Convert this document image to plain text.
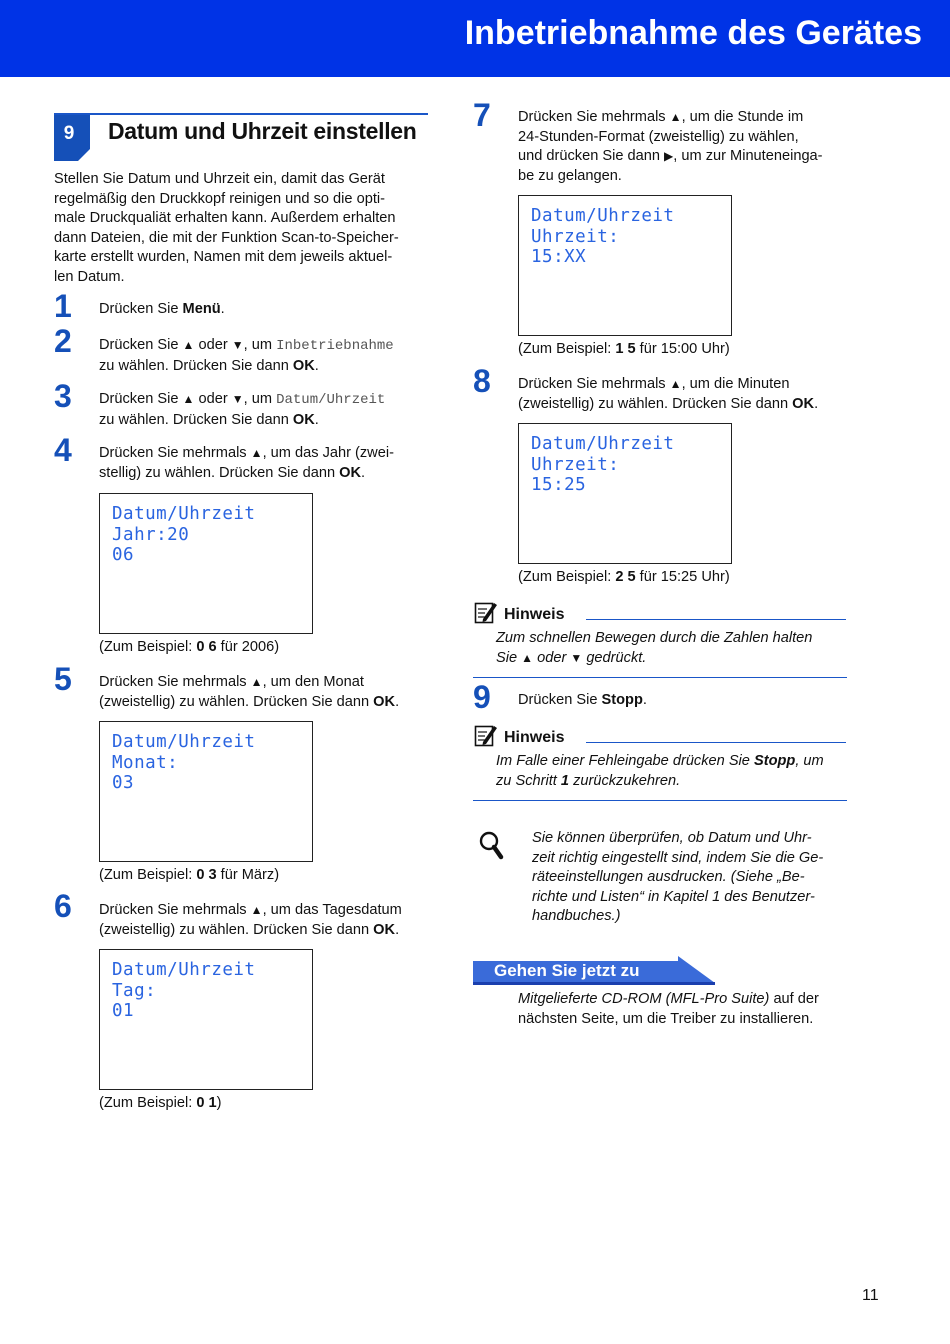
Inbetriebnahme des Gerätes
9	Datum und Uhrzeit einstellen
Stellen Sie Datum und Uhrzeit ein, damit das Gerät
regelmäßig den Druckkopf reinigen und so die opti-
male Druckqualiät erhalten kann. Außerdem erhalten
dann Dateien, die mit der Funktion Scan-to-Speicher-
karte erstellt wurden, Namen mit dem jeweils aktuel-
len Datum.
1 Drücken Sie Menü.
2 Drücken Sie ▲ oder ▼, um Inbetriebnahme
zu wählen. Drücken Sie dann OK.
3 Drücken Sie ▲ oder ▼, um Datum/Uhrzeit
zu wählen. Drücken Sie dann OK.
4 Drücken Sie mehrmals ▲, um das Jahr (zwei-
stellig) zu wählen. Drücken Sie dann OK.
Datum/Uhrzeit
Jahr:20
06
(Zum Beispiel: 0 6 für 2006)
5 Drücken Sie mehrmals ▲, um den Monat
(zweistellig) zu wählen. Drücken Sie dann OK.
Datum/Uhrzeit
Monat:
03
(Zum Beispiel: 0 3 für März)
6 Drücken Sie mehrmals ▲, um das Tagesdatum
(zweistellig) zu wählen. Drücken Sie dann OK.
Datum/Uhrzeit
Tag:
01
(Zum Beispiel: 0 1)
7 Drücken Sie mehrmals ▲, um die Stunde im
24-Stunden-Format (zweistellig) zu wählen,
und drücken Sie dann ▶, um zur Minuteneinga-
be zu gelangen.
Datum/Uhrzeit
Uhrzeit:
15:XX
(Zum Beispiel: 1 5 für 15:00 Uhr)
8 Drücken Sie mehrmals ▲, um die Minuten
(zweistellig) zu wählen. Drücken Sie dann OK.
Datum/Uhrzeit
Uhrzeit:
15:25
(Zum Beispiel: 2 5 für 15:25 Uhr)
Hinweis
Zum schnellen Bewegen durch die Zahlen halten
Sie ▲ oder ▼ gedrückt.
9 Drücken Sie Stopp.
Hinweis
Im Falle einer Fehleingabe drücken Sie Stopp, um
zu Schritt 1 zurückzukehren.
Sie können überprüfen, ob Datum und Uhr-
zeit richtig eingestellt sind, indem Sie die Ge-
räteeinstellungen ausdrucken. (Siehe „Be-
richte und Listen“ in Kapitel 1 des Benutzer-
handbuches.)
Gehen Sie jetzt zu
Mitgelieferte CD-ROM (MFL-Pro Suite) auf der
nächsten Seite, um die Treiber zu installieren.
11
